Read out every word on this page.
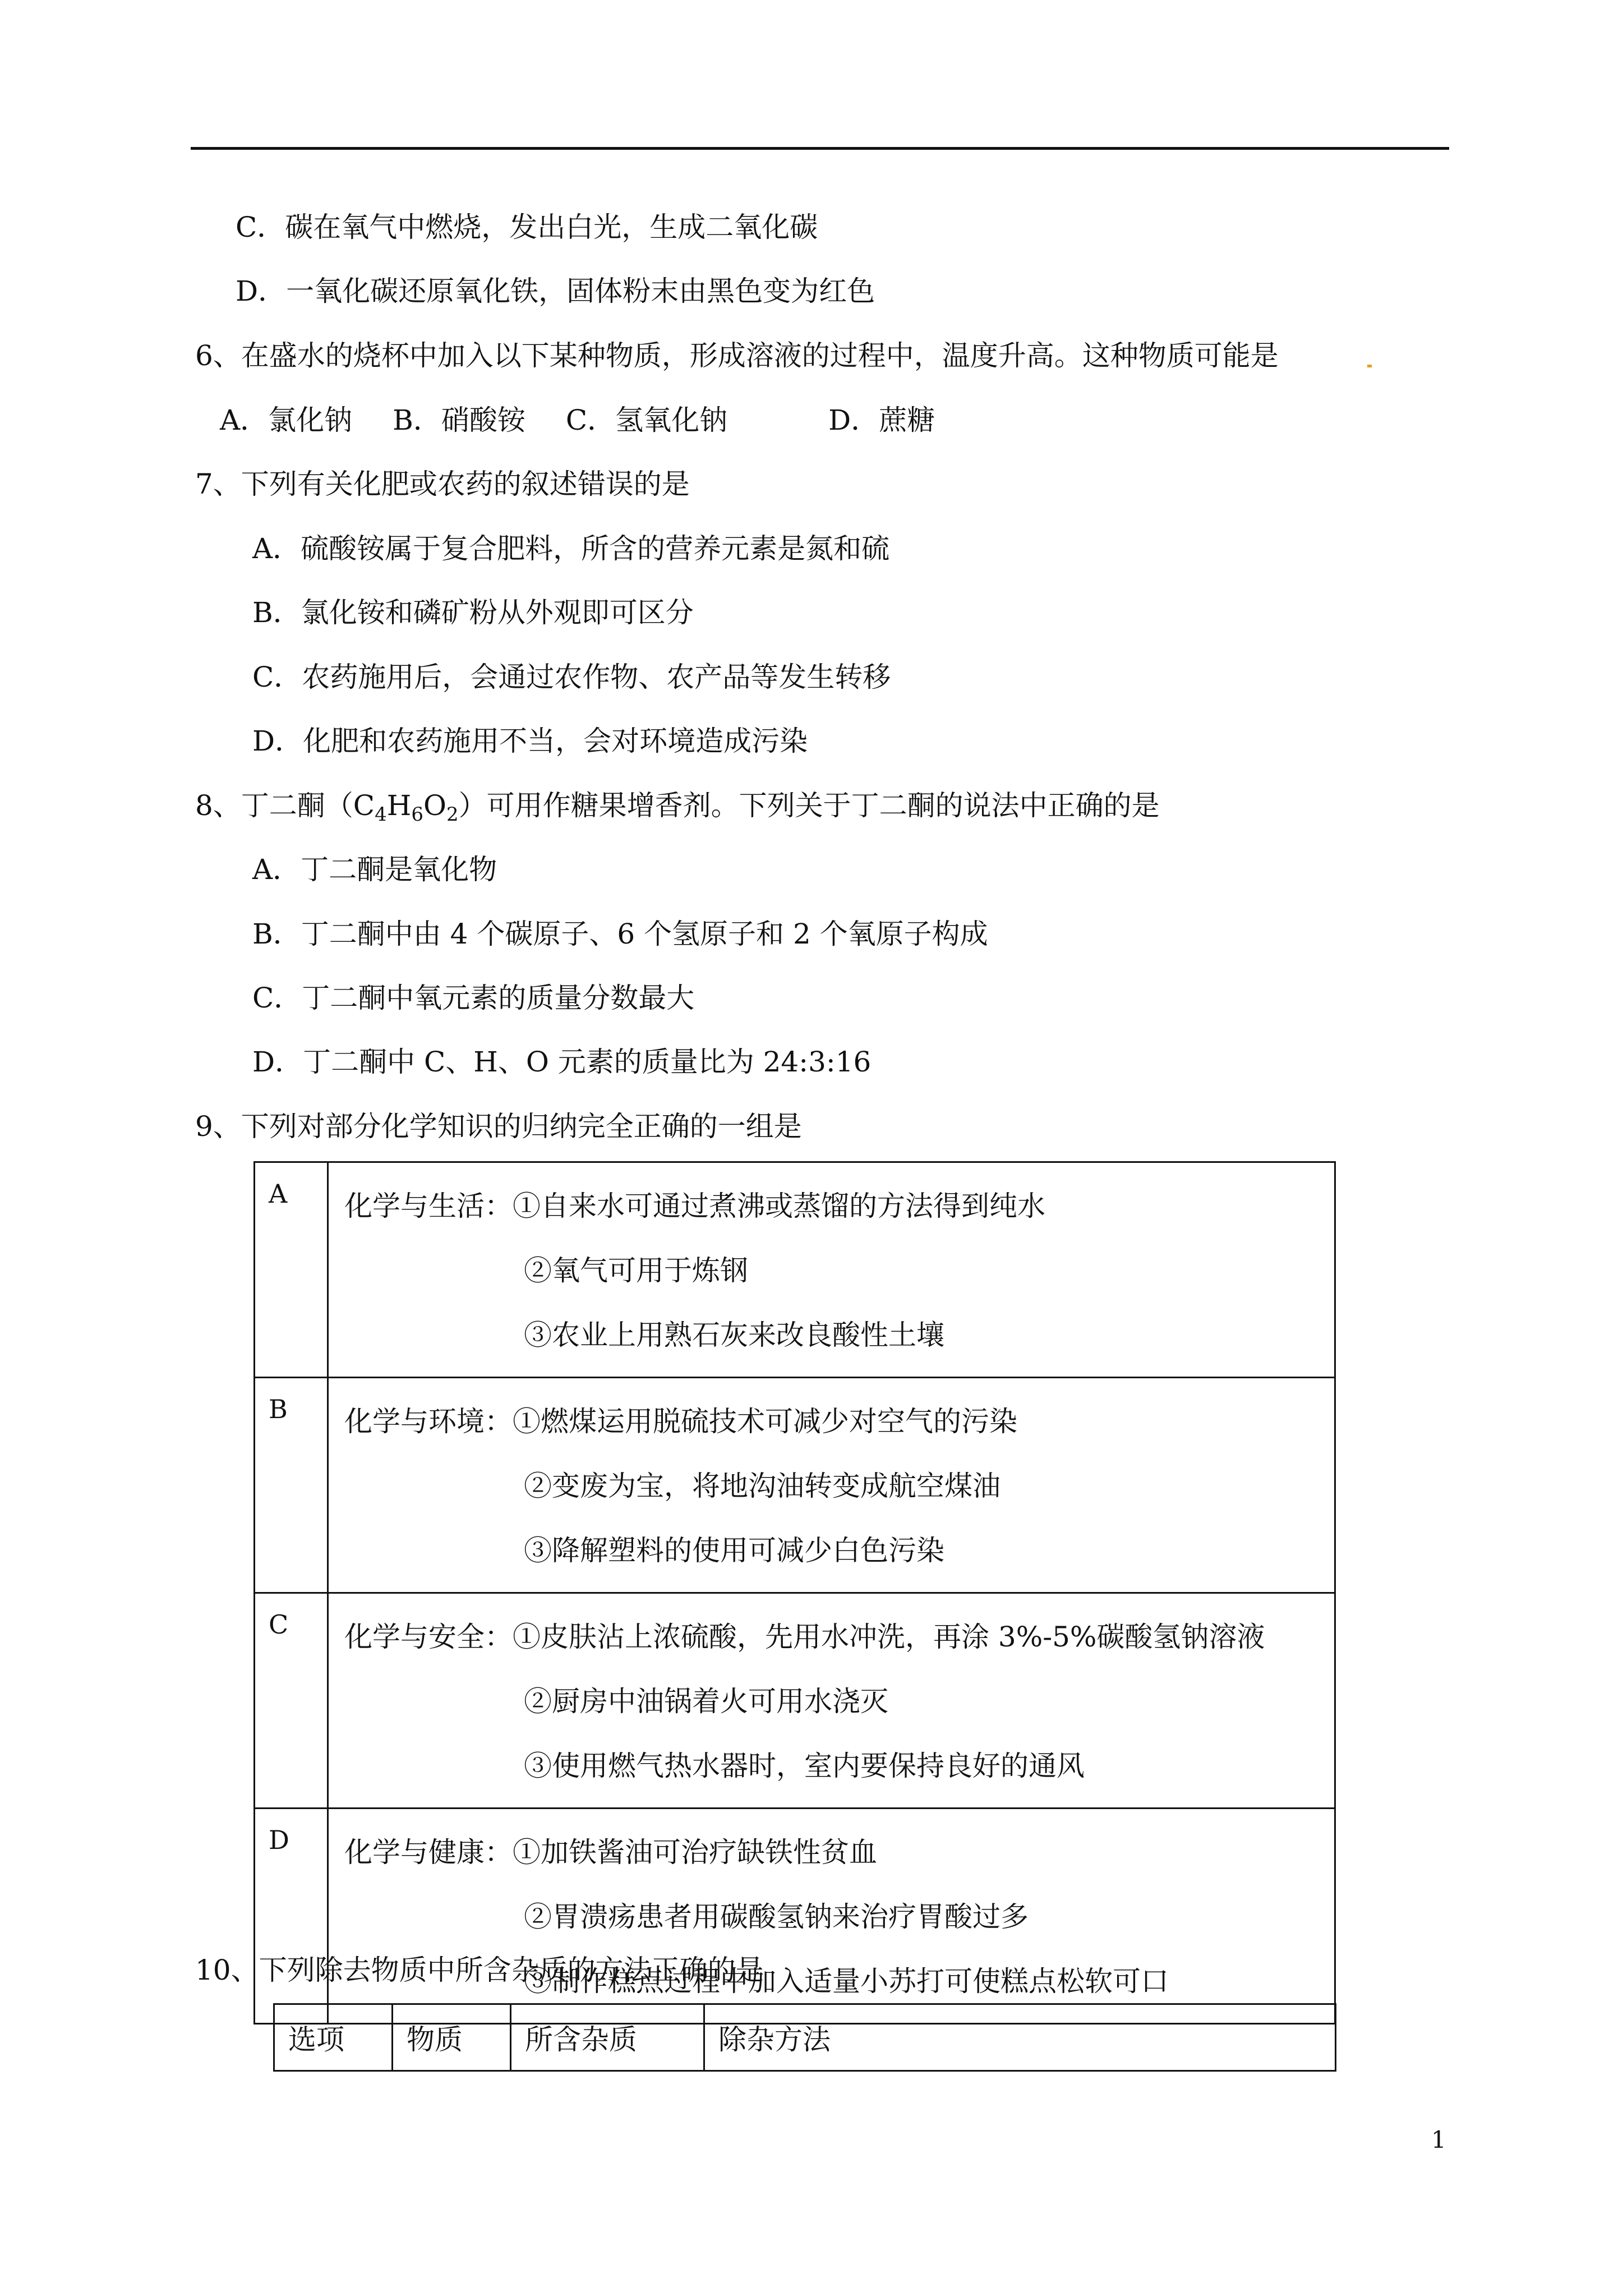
C．碳在氧气中燃烧，发出白光，生成二氧化碳
D．一氧化碳还原氧化铁，固体粉末由黑色变为红色
6、在盛水的烧杯中加入以下某种物质，形成溶液的过程中，温度升高。这种物质可能是
A．氯化钠 B．硝酸铵 C．氢氧化钠	D．蔗糖
7、下列有关化肥或农药的叙述错误的是
A．硫酸铵属于复合肥料，所含的营养元素是氮和硫
B．氯化铵和磷矿粉从外观即可区分
C．农药施用后，会通过农作物、农产品等发生转移
D．化肥和农药施用不当，会对环境造成污染
8、丁二酮$(C_4H_6O_2)$可用作糖果增香剂。下列关于丁二酮的说法中正确的是
A．丁二酮是氧化物
B．丁二酮中由 4 个碳原子、6 个氢原子和 2 个氧原子构成
C．丁二酮中氧元素的质量分数最大
D．丁二酮中 C、H、O 元素的质量比为 24:3:16
9、下列对部分化学知识的归纳完全正确的一组是
A	化学与生活：①自来水可通过煮沸或蒸馏的方法得到纯水
②氧气可用于炼钢
③农业上用熟石灰来改良酸性土壤

B	化学与环境：①燃煤运用脱硫技术可减少对空气的污染
②变废为宝，将地沟油转变成航空煤油
③降解塑料的使用可减少白色污染

C	化学与安全：①皮肤沾上浓硫酸，先用水冲洗，再涂 3%-5%碳酸氢钠溶液
②厨房中油锅着火可用水浇灭
③使用燃气热水器时，室内要保持良好的通风

D	化学与健康：①加铁酱油可治疗缺铁性贫血
②胃溃疡患者用碳酸氢钠来治疗胃酸过多
③制作糕点过程中加入适量小苏打可使糕点松软可口
10、下列除去物质中所含杂质的方法正确的是
选项	物质	所含杂质	除杂方法
1
